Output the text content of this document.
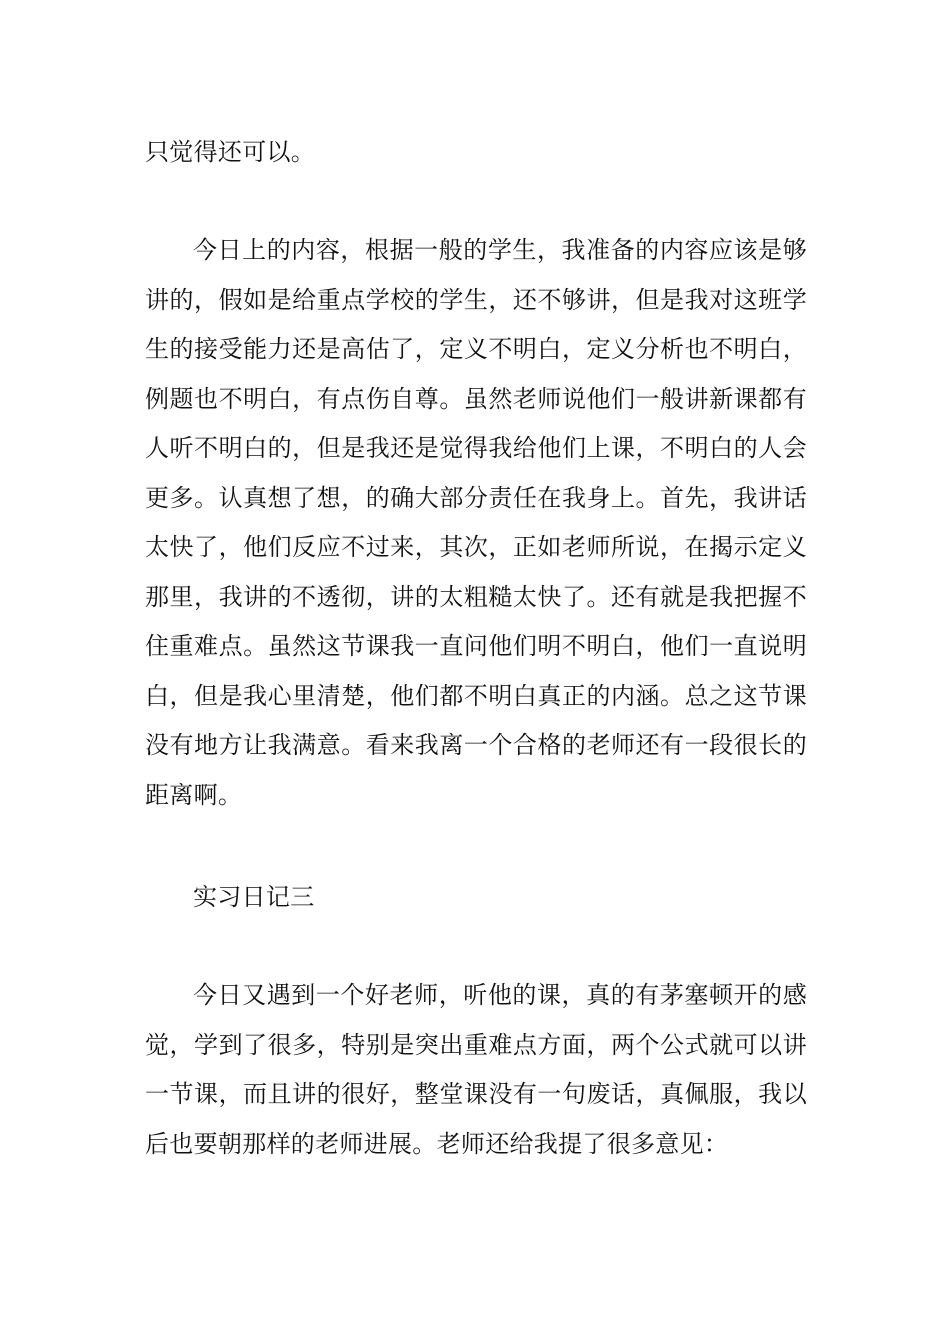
只觉得还可以。

今日上的内容，根据一般的学生，我准备的内容应该是够讲的，假如是给重点学校的学生，还不够讲，但是我对这班学生的接受能力还是高估了，定义不明白，定义分析也不明白，例题也不明白，有点伤自尊。虽然老师说他们一般讲新课都有人听不明白的，但是我还是觉得我给他们上课，不明白的人会更多。认真想了想，的确大部分责任在我身上。首先，我讲话太快了，他们反应不过来，其次，正如老师所说，在揭示定义那里，我讲的不透彻，讲的太粗糙太快了。还有就是我把握不住重难点。虽然这节课我一直问他们明不明白，他们一直说明白，但是我心里清楚，他们都不明白真正的内涵。总之这节课没有地方让我满意。看来我离一个合格的老师还有一段很长的距离啊。

实习日记三

今日又遇到一个好老师，听他的课，真的有茅塞顿开的感觉，学到了很多，特别是突出重难点方面，两个公式就可以讲一节课，而且讲的很好，整堂课没有一句废话，真佩服，我以后也要朝那样的老师进展。老师还给我提了很多意见：
